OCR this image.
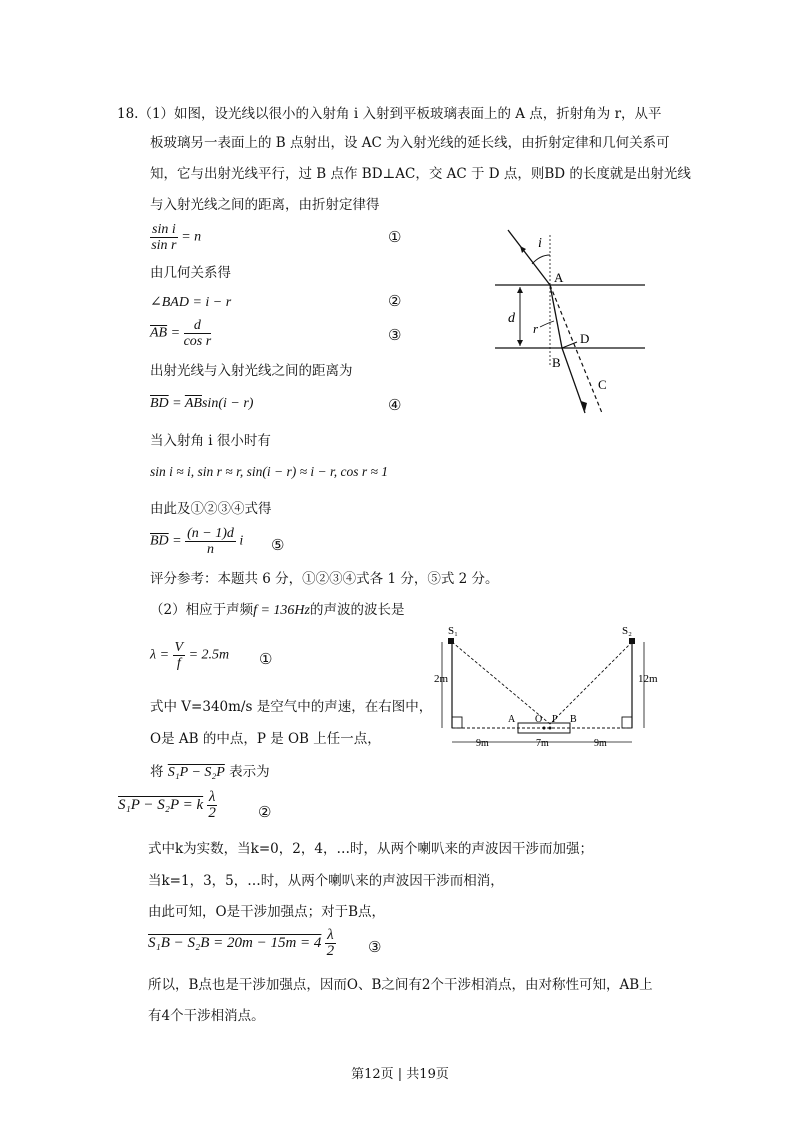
18.（1）如图，设光线以很小的入射角 i 入射到平板玻璃表面上的 A 点，折射角为 r，从平
板玻璃另一表面上的 B 点射出，设 AC 为入射光线的延长线，由折射定律和几何关系可
知，它与出射光线平行，过 B 点作 BD⊥AC，交 AC 于 D 点，则BD 的长度就是出射光线
与入射光线之间的距离，由折射定律得
$\frac{\text{sin i}}{\text{sin r}} = n$	①
由几何关系得
∠BAD = i − r	②
$\overline{AB} = \frac{d}{\text{cos r}}$	③
出射光线与入射光线之间的距离为
$\overline{BD} = \overline{AB}\sin(i - r)$	④
当入射角 i 很小时有
sin i ≈ i, sin r ≈ r, sin(i − r) ≈ i − r, cos r ≈ 1
由此及①②③④式得
$\overline{BD} = \frac{(n - 1)d}{n}$ i ⑤
评分参考：本题共 6 分，①②③④式各 1 分，⑤式 2 分。
（2）相应于声频f = 136Hz的声波的波长是
$\lambda = \frac{V}{f} = 2.5m$ ①
式中 V=340m/s 是空气中的声速，在右图中，
O是 AB 的中点，P 是 OB 上任一点，
将 S₁P − S₂P 表示为
S₁P − S₂P = k $\frac{\lambda}{2}$	②
式中k为实数，当k=0，2，4，…时，从两个喇叭来的声波因干涉而加强；
当k=1，3，5，…时，从两个喇叭来的声波因干涉而相消，
由此可知，O是干涉加强点；对于B点，
$S_1B - S_2B = 20m - 15m = 4 \frac{\lambda}{2}$ ③
所以，B点也是干涉加强点，因而O、B之间有2个干涉相消点，由对称性可知，AB上
有4个干涉相消点。
i
A
d
r
D
B
C
S₁	S₂
2m	12m
A O P B
9m	7m	9m
第12页 | 共19页
